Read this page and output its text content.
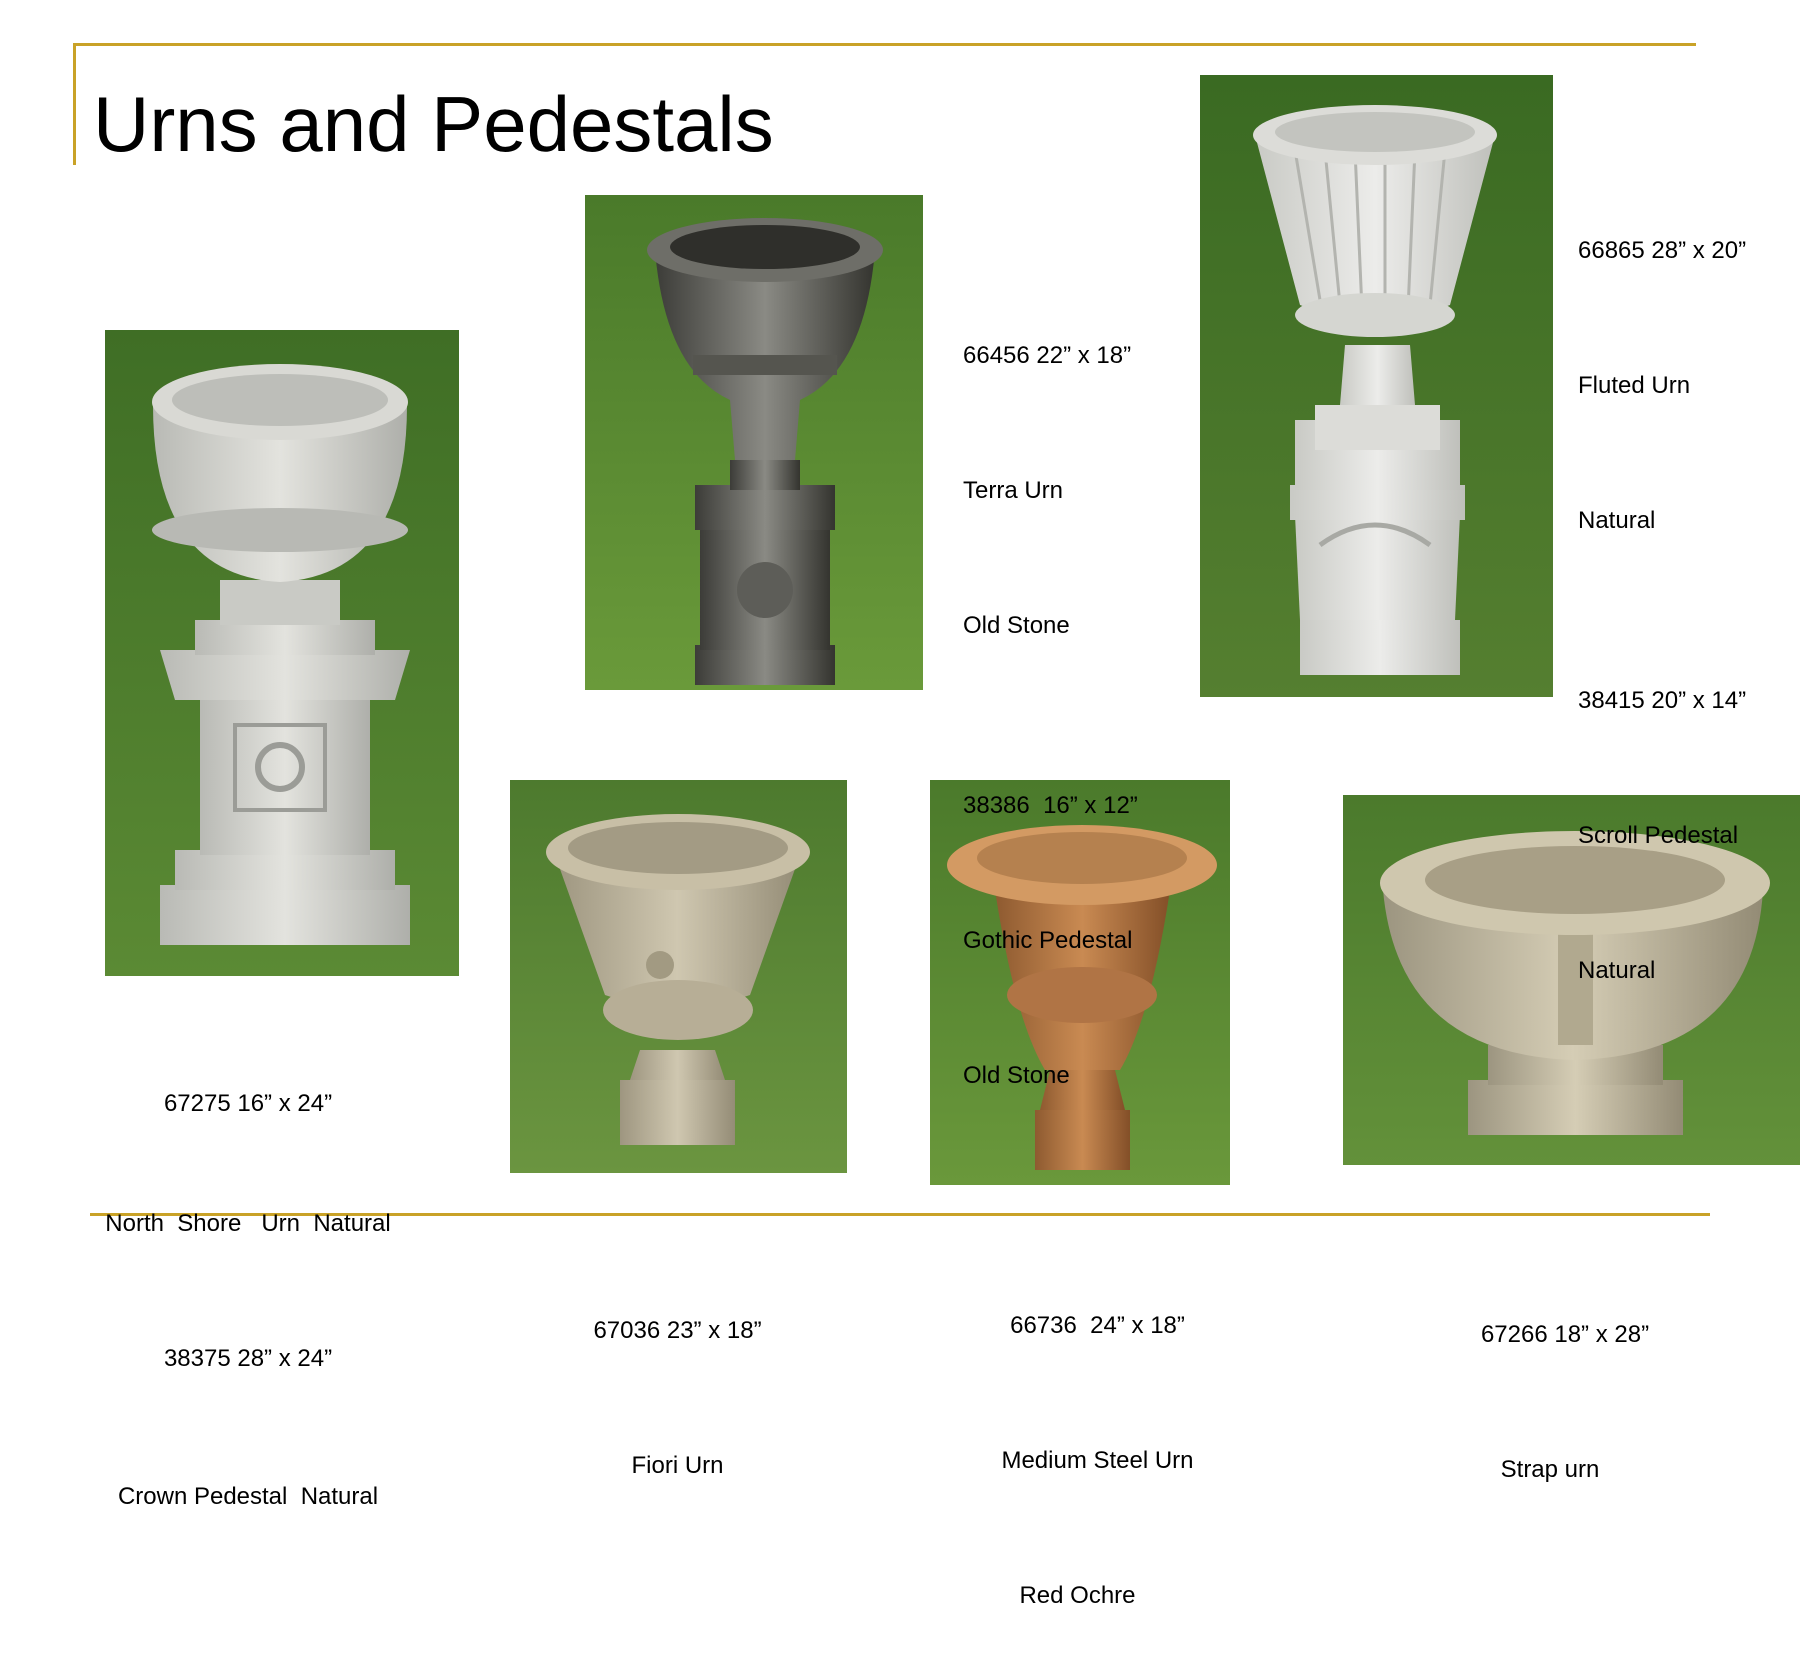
Urns and Pedestals

67275 16” x 24”

North  Shore   Urn  Natural

38375 28” x 24”

Crown Pedestal  Natural

66456 22” x 18”

Terra Urn

Old Stone

38386  16” x 12”

Gothic Pedestal

Old Stone

66865 28” x 20”

Fluted Urn

Natural

38415 20” x 14”

Scroll Pedestal

Natural

67036 23” x 18”

Fiori Urn

66736  24” x 18”

Medium Steel Urn

Red Ochre

67266 18” x 28”

Strap urn
